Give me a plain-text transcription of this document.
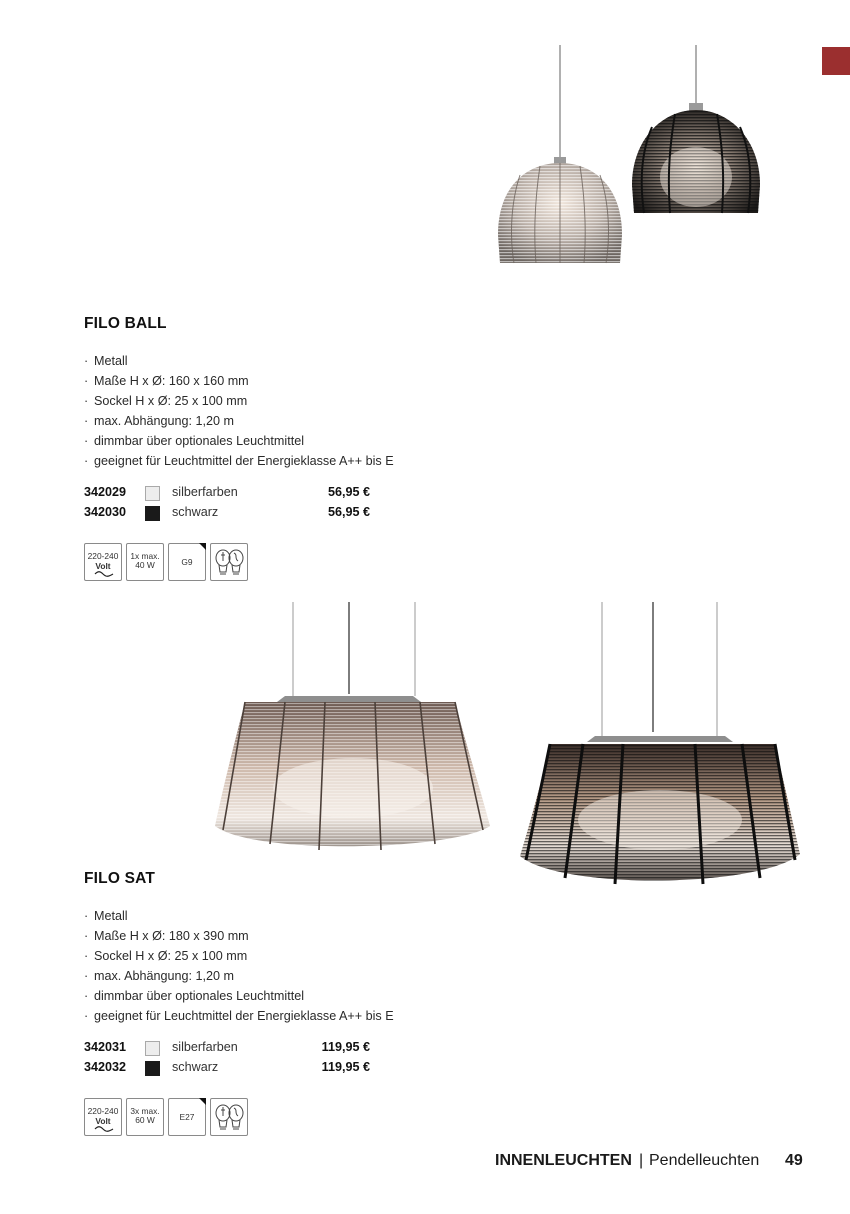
FILO BALL
· Metall
· Maße H x Ø: 160 x 160 mm
· Sockel H x Ø: 25 x 100 mm
· max. Abhängung: 1,20 m
· dimmbar über optionales Leuchtmittel
· geeignet für Leuchtmittel der Energieklasse A++ bis E
342029	silberfarben	56,95 €
342030	schwarz	56,95 €
220-240
Volt
1x max.
40 W	G9
FILO SAT
· Metall
· Maße H x Ø: 180 x 390 mm
· Sockel H x Ø: 25 x 100 mm
· max. Abhängung: 1,20 m
· dimmbar über optionales Leuchtmittel
· geeignet für Leuchtmittel der Energieklasse A++ bis E
342031	silberfarben	119,95 €
342032	schwarz	119,95 €
220-240
Volt
3x max.
60 W	E27
INNENLEUCHTEN | Pendelleuchten 49
